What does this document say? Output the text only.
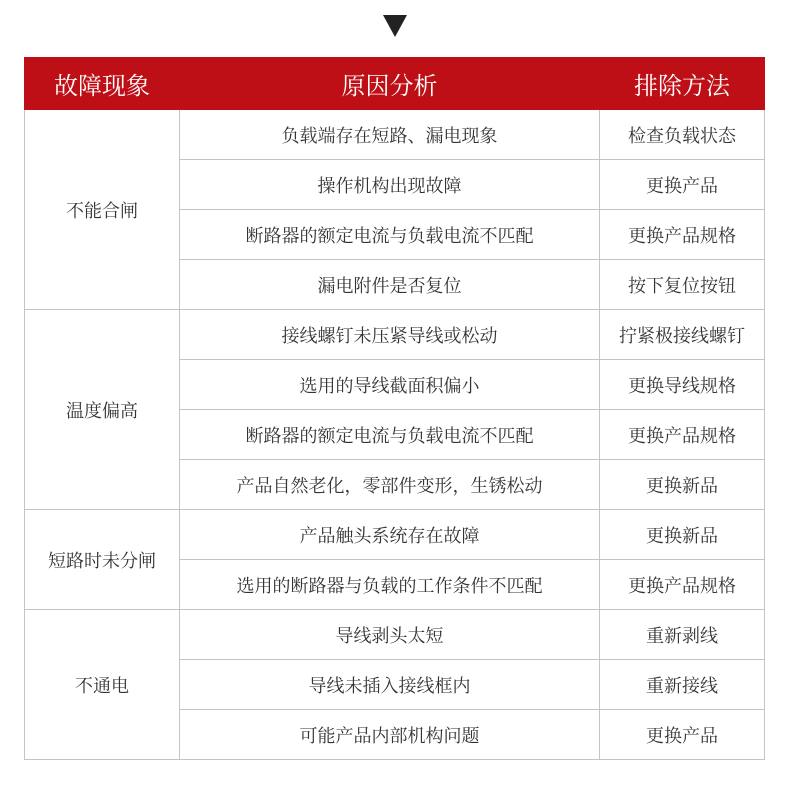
故障现象	原因分析	排除方法
不能合闸	负载端存在短路、漏电现象	检查负载状态
	操作机构出现故障	更换产品
	断路器的额定电流与负载电流不匹配	更换产品规格
	漏电附件是否复位	按下复位按钮
温度偏高	接线螺钉未压紧导线或松动	拧紧极接线螺钉
	选用的导线截面积偏小	更换导线规格
	断路器的额定电流与负载电流不匹配	更换产品规格
	产品自然老化，零部件变形，生锈松动	更换新品
短路时未分闸	产品触头系统存在故障	更换新品
	选用的断路器与负载的工作条件不匹配	更换产品规格
不通电	导线剥头太短	重新剥线
	导线未插入接线框内	重新接线
	可能产品内部机构问题	更换产品
